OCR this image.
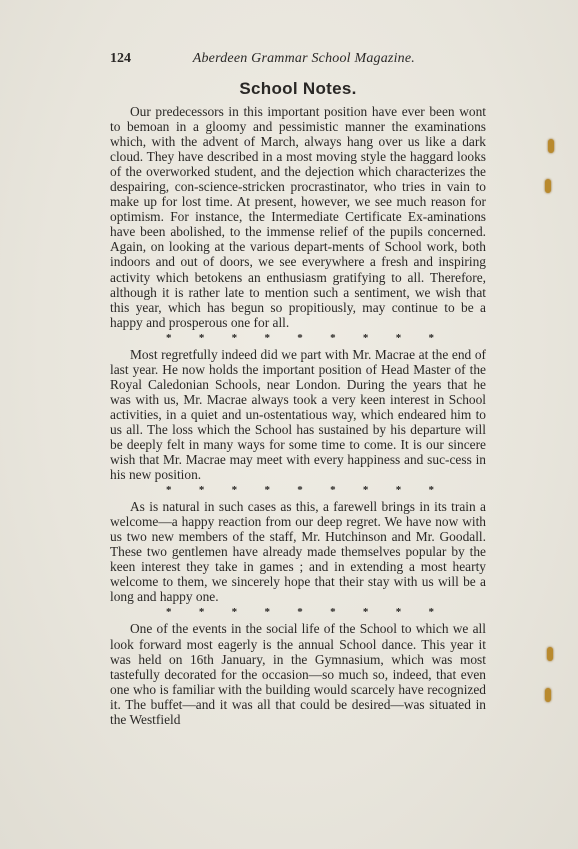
124	Aberdeen Grammar School Magazine.
School Notes.

Our predecessors in this important position have ever been wont to bemoan in a gloomy and pessimistic manner the examinations which, with the advent of March, always hang over us like a dark cloud. They have described in a most moving style the haggard looks of the overworked student, and the dejection which characterizes the despairing, con-science-stricken procrastinator, who tries in vain to make up for lost time. At present, however, we see much reason for optimism. For instance, the Intermediate Certificate Ex-aminations have been abolished, to the immense relief of the pupils concerned. Again, on looking at the various depart-ments of School work, both indoors and out of doors, we see everywhere a fresh and inspiring activity which betokens an enthusiasm gratifying to all. Therefore, although it is rather late to mention such a sentiment, we wish that this year, which has begun so propitiously, may continue to be a happy and prosperous one for all.

* * * * * * * * *

Most regretfully indeed did we part with Mr. Macrae at the end of last year. He now holds the important position of Head Master of the Royal Caledonian Schools, near London. During the years that he was with us, Mr. Macrae always took a very keen interest in School activities, in a quiet and un-ostentatious way, which endeared him to us all. The loss which the School has sustained by his departure will be deeply felt in many ways for some time to come. It is our sincere wish that Mr. Macrae may meet with every happiness and suc-cess in his new position.

* * * * * * * * *

As is natural in such cases as this, a farewell brings in its train a welcome—a happy reaction from our deep regret. We have now with us two new members of the staff, Mr. Hutchinson and Mr. Goodall. These two gentlemen have already made themselves popular by the keen interest they take in games ; and in extending a most hearty welcome to them, we sincerely hope that their stay with us will be a long and happy one.

* * * * * * * * *

One of the events in the social life of the School to which we all look forward most eagerly is the annual School dance. This year it was held on 16th January, in the Gymnasium, which was most tastefully decorated for the occasion—so much so, indeed, that even one who is familiar with the building would scarcely have recognized it. The buffet—and it was all that could be desired—was situated in the Westfield
